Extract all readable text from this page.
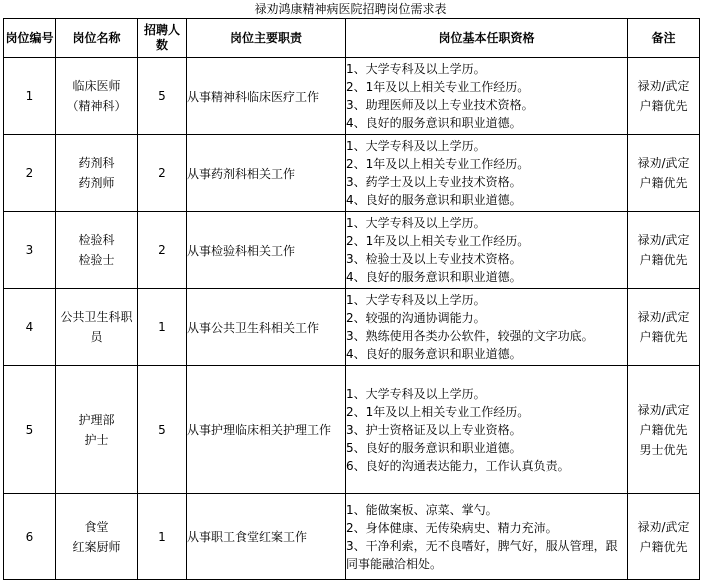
禄劝鸿康精神病医院招聘岗位需求表
岗位编号	岗位名称	招聘人数	岗位主要职责	岗位基本任职资格	备注
1	临床医师
（精神科）	5	从事精神科临床医疗工作	1、大学专科及以上学历。
2、1年及以上相关专业工作经历。
3、助理医师及以上专业技术资格。
4、良好的服务意识和职业道德。	禄劝/武定
户籍优先

2	药剂科
药剂师	2	从事药剂科相关工作	1、大学专科及以上学历。
2、1年及以上相关专业工作经历。
3、药学士及以上专业技术资格。
4、良好的服务意识和职业道德。	禄劝/武定
户籍优先

3	检验科
检验士	2	从事检验科相关工作	1、大学专科及以上学历。
2、1年及以上相关专业工作经历。
3、检验士及以上专业技术资格。
4、良好的服务意识和职业道德。	禄劝/武定
户籍优先

4	公共卫生科职
员	1	从事公共卫生科相关工作	1、大学专科及以上学历。
2、较强的沟通协调能力。
3、熟练使用各类办公软件，较强的文字功底。
4、良好的服务意识和职业道德。	禄劝/武定
户籍优先

5	护理部
护士	5	从事护理临床相关护理工作	1、大学专科及以上学历。
2、1年及以上相关专业工作经历。
3、护士资格证及以上专业资格。
5、良好的服务意识和职业道德。
6、良好的沟通表达能力，工作认真负责。	禄劝/武定
户籍优先
男士优先

6	食堂
红案厨师	1	从事职工食堂红案工作	1、能做案板、凉菜、掌勺。
2、身体健康、无传染病史、精力充沛。
3、干净利索，无不良嗜好，脾气好，服从管理，跟同事能融洽相处。	禄劝/武定
户籍优先
